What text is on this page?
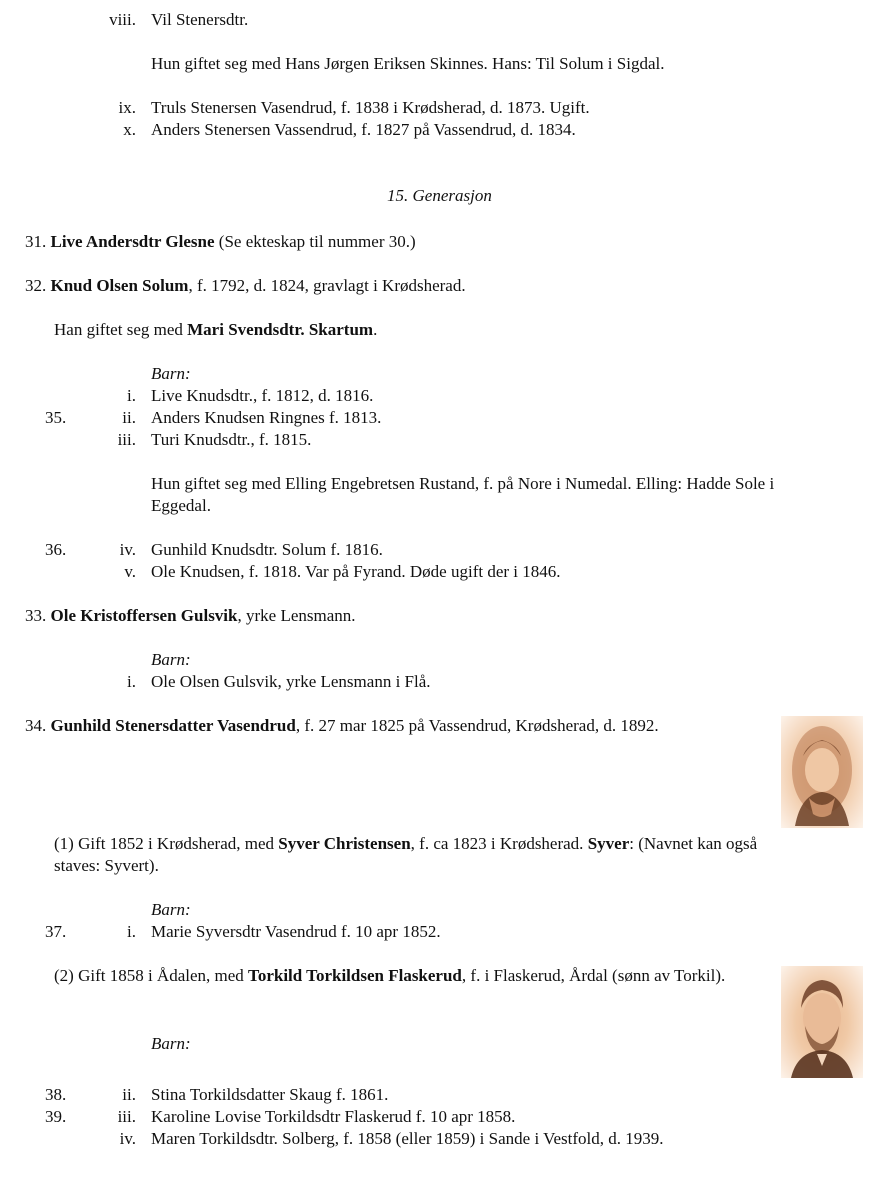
viii. Vil Stenersdtr.
Hun giftet seg med Hans Jørgen Eriksen Skinnes. Hans: Til Solum i Sigdal.
ix. Truls Stenersen Vasendrud, f. 1838 i Krødsherad, d. 1873. Ugift.
x. Anders Stenersen Vassendrud, f. 1827 på Vassendrud, d. 1834.
15. Generasjon
31. Live Andersdtr Glesne (Se ekteskap til nummer 30.)
32. Knud Olsen Solum, f. 1792, d. 1824, gravlagt i Krødsherad.
Han giftet seg med Mari Svendsdtr. Skartum.
Barn:
i. Live Knudsdtr., f. 1812, d. 1816.
35.	ii. Anders Knudsen Ringnes f. 1813.
iii. Turi Knudsdtr., f. 1815.
Hun giftet seg med Elling Engebretsen Rustand, f. på Nore i Numedal. Elling: Hadde Sole i
Eggedal.
36.	iv. Gunhild Knudsdtr. Solum f. 1816.
v. Ole Knudsen, f. 1818. Var på Fyrand. Døde ugift der i 1846.
33. Ole Kristoffersen Gulsvik, yrke Lensmann.
Barn:
i. Ole Olsen Gulsvik, yrke Lensmann i Flå.
34. Gunhild Stenersdatter Vasendrud, f. 27 mar 1825 på Vassendrud, Krødsherad, d. 1892.
(1) Gift 1852 i Krødsherad, med Syver Christensen, f. ca 1823 i Krødsherad. Syver: (Navnet kan også
staves: Syvert).
Barn:
37.	i. Marie Syversdtr Vasendrud f. 10 apr 1852.
(2) Gift 1858 i Ådalen, med Torkild Torkildsen Flaskerud, f. i Flaskerud, Årdal (sønn av Torkil).
Barn:
38.	ii. Stina Torkildsdatter Skaug f. 1861.
39.	iii. Karoline Lovise Torkildsdtr Flaskerud f. 10 apr 1858.
iv. Maren Torkildsdtr. Solberg, f. 1858 (eller 1859) i Sande i Vestfold, d. 1939.
